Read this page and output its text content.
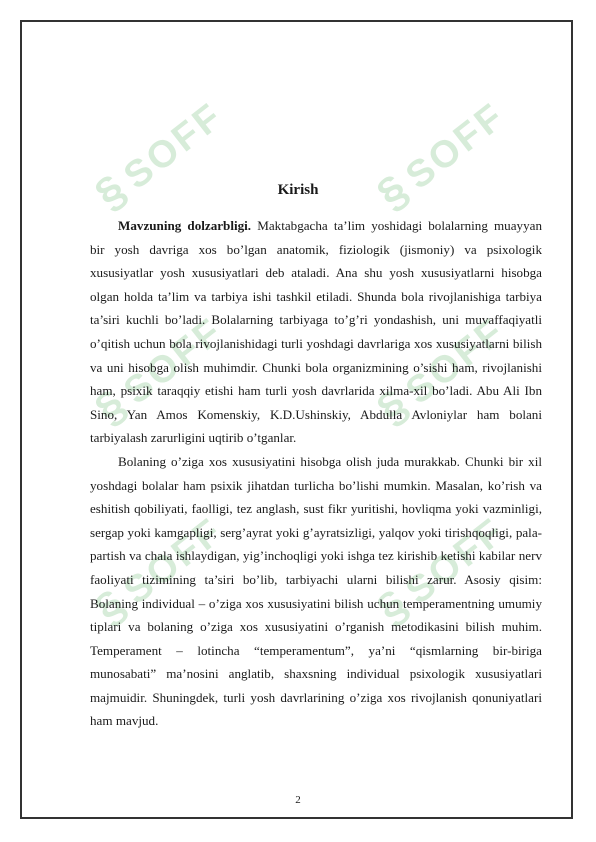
§SOFF	§SOFF
§SOFF	§SOFF
§SOFF	§SOFF
Kirish

Mavzuning dolzarbligi. Maktabgacha ta’lim yoshidagi bolalarning muayyan bir yosh davriga xos bo’lgan anatomik, fiziologik (jismoniy) va psixologik xususiyatlar yosh xususiyatlari deb ataladi. Ana shu yosh xususiyatlarni hisobga olgan holda ta’lim va tarbiya ishi tashkil etiladi. Shunda bola rivojlanishiga tarbiya ta’siri kuchli bo’ladi. Bolalarning tarbiyaga to’g’ri yondashish, uni muvaffaqiyatli o’qitish uchun bola rivojlanishidagi turli yoshdagi davrlariga xos xususiyatlarni bilish va uni hisobga olish muhimdir. Chunki bola organizmining o’sishi ham, rivojlanishi ham, psixik taraqqiy etishi ham turli yosh davrlarida xilma-xil bo’ladi. Abu Ali Ibn Sino, Yan Amos Komenskiy, K.D.Ushinskiy, Abdulla Avloniylar ham bolani tarbiyalash zarurligini uqtirib o’tganlar.

Bolaning o’ziga xos xususiyatini hisobga olish juda murakkab. Chunki bir xil yoshdagi bolalar ham psixik jihatdan turlicha bo’lishi mumkin. Masalan, ko’rish va eshitish qobiliyati, faolligi, tez anglash, sust fikr yuritishi, hovliqma yoki vazminligi, sergap yoki kamgapligi, serg’ayrat yoki g’ayratsizligi, yalqov yoki tirishqoqligi, pala-partish va chala ishlaydigan, yig’inchoqligi yoki ishga tez kirishib ketishi kabilar nerv faoliyati tizimining ta’siri bo’lib, tarbiyachi ularni bilishi zarur. Asosiy qisim: Bolaning individual – o’ziga xos xususiyatini bilish uchun temperamentning umumiy tiplari va bolaning o’ziga xos xususiyatini o’rganish metodikasini bilish muhim. Temperament – lotincha “temperamentum”, ya’ni “qismlarning bir-biriga munosabati” ma’nosini anglatib, shaxsning individual psixologik xususiyatlari majmuidir. Shuningdek, turli yosh davrlarining o’ziga xos rivojlanish qonuniyatlari ham mavjud.

2
